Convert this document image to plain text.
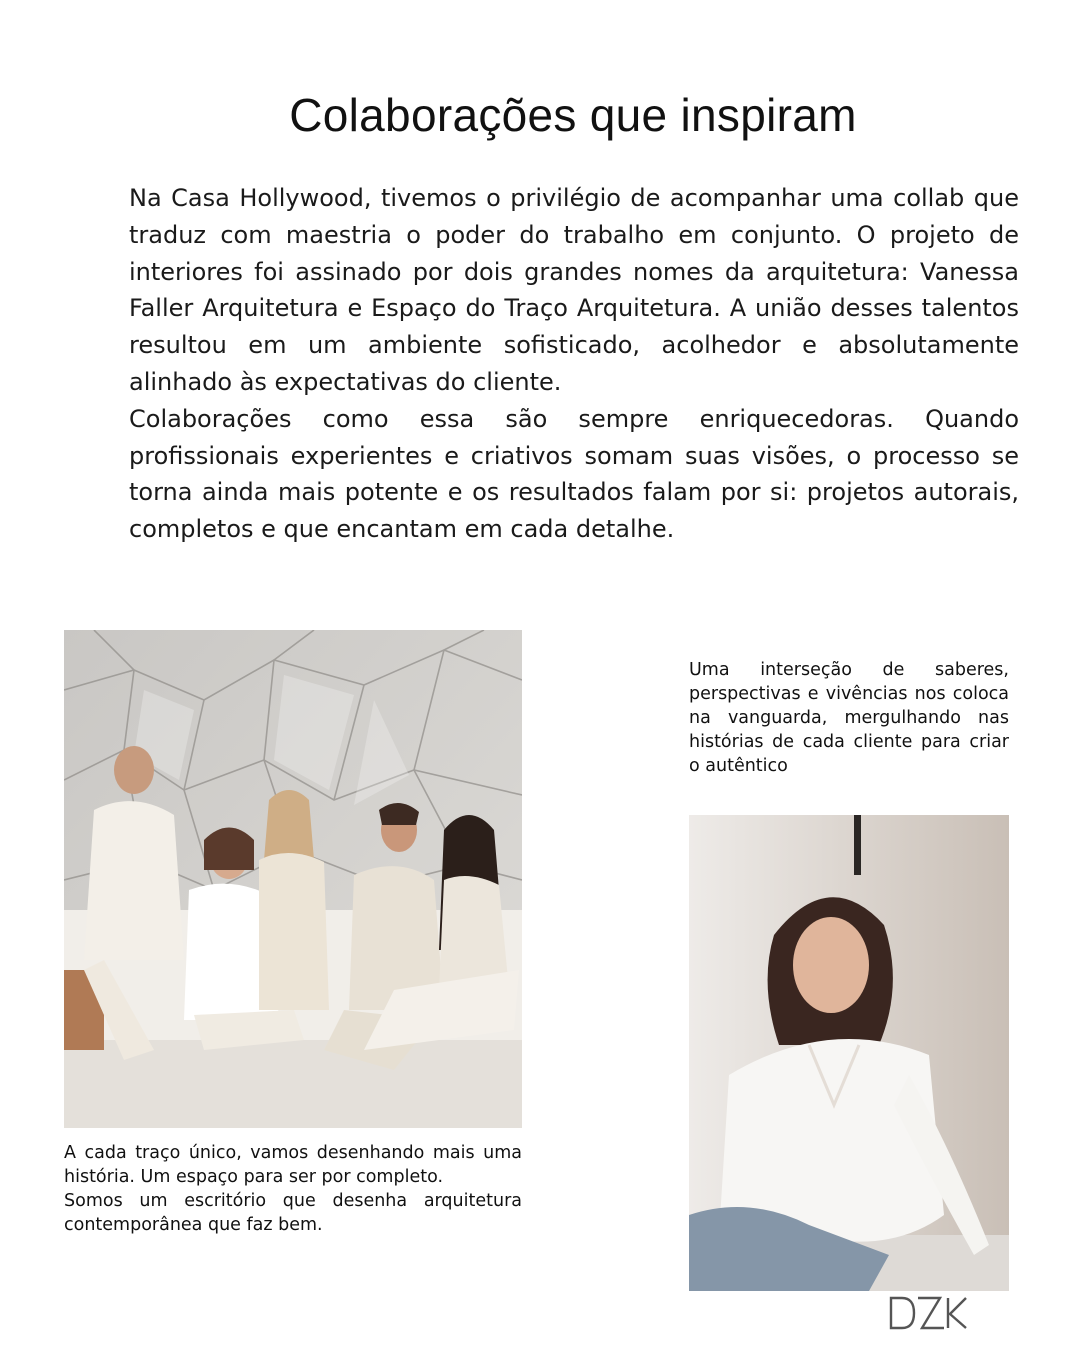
Colaborações que inspiram

Na Casa Hollywood, tivemos o privilégio de acompanhar uma collab que traduz com maestria o poder do trabalho em conjunto. O projeto de interiores foi assinado por dois grandes nomes da arquitetura: Vanessa Faller Arquitetura e Espaço do Traço Arquitetura. A união desses talentos resultou em um ambiente sofisticado, acolhedor e absolutamente alinhado às expectativas do cliente.

Colaborações como essa são sempre enriquecedoras. Quando profissionais experientes e criativos somam suas visões, o processo se torna ainda mais potente e os resultados falam por si: projetos autorais, completos e que encantam em cada detalhe.

A cada traço único, vamos desenhando mais uma história. Um espaço para ser por completo.

Somos um escritório que desenha arquitetura contemporânea que faz bem.

Uma interseção de saberes, perspectivas e vivências nos coloca na vanguarda, mergulhando nas histórias de cada cliente para criar o autêntico
